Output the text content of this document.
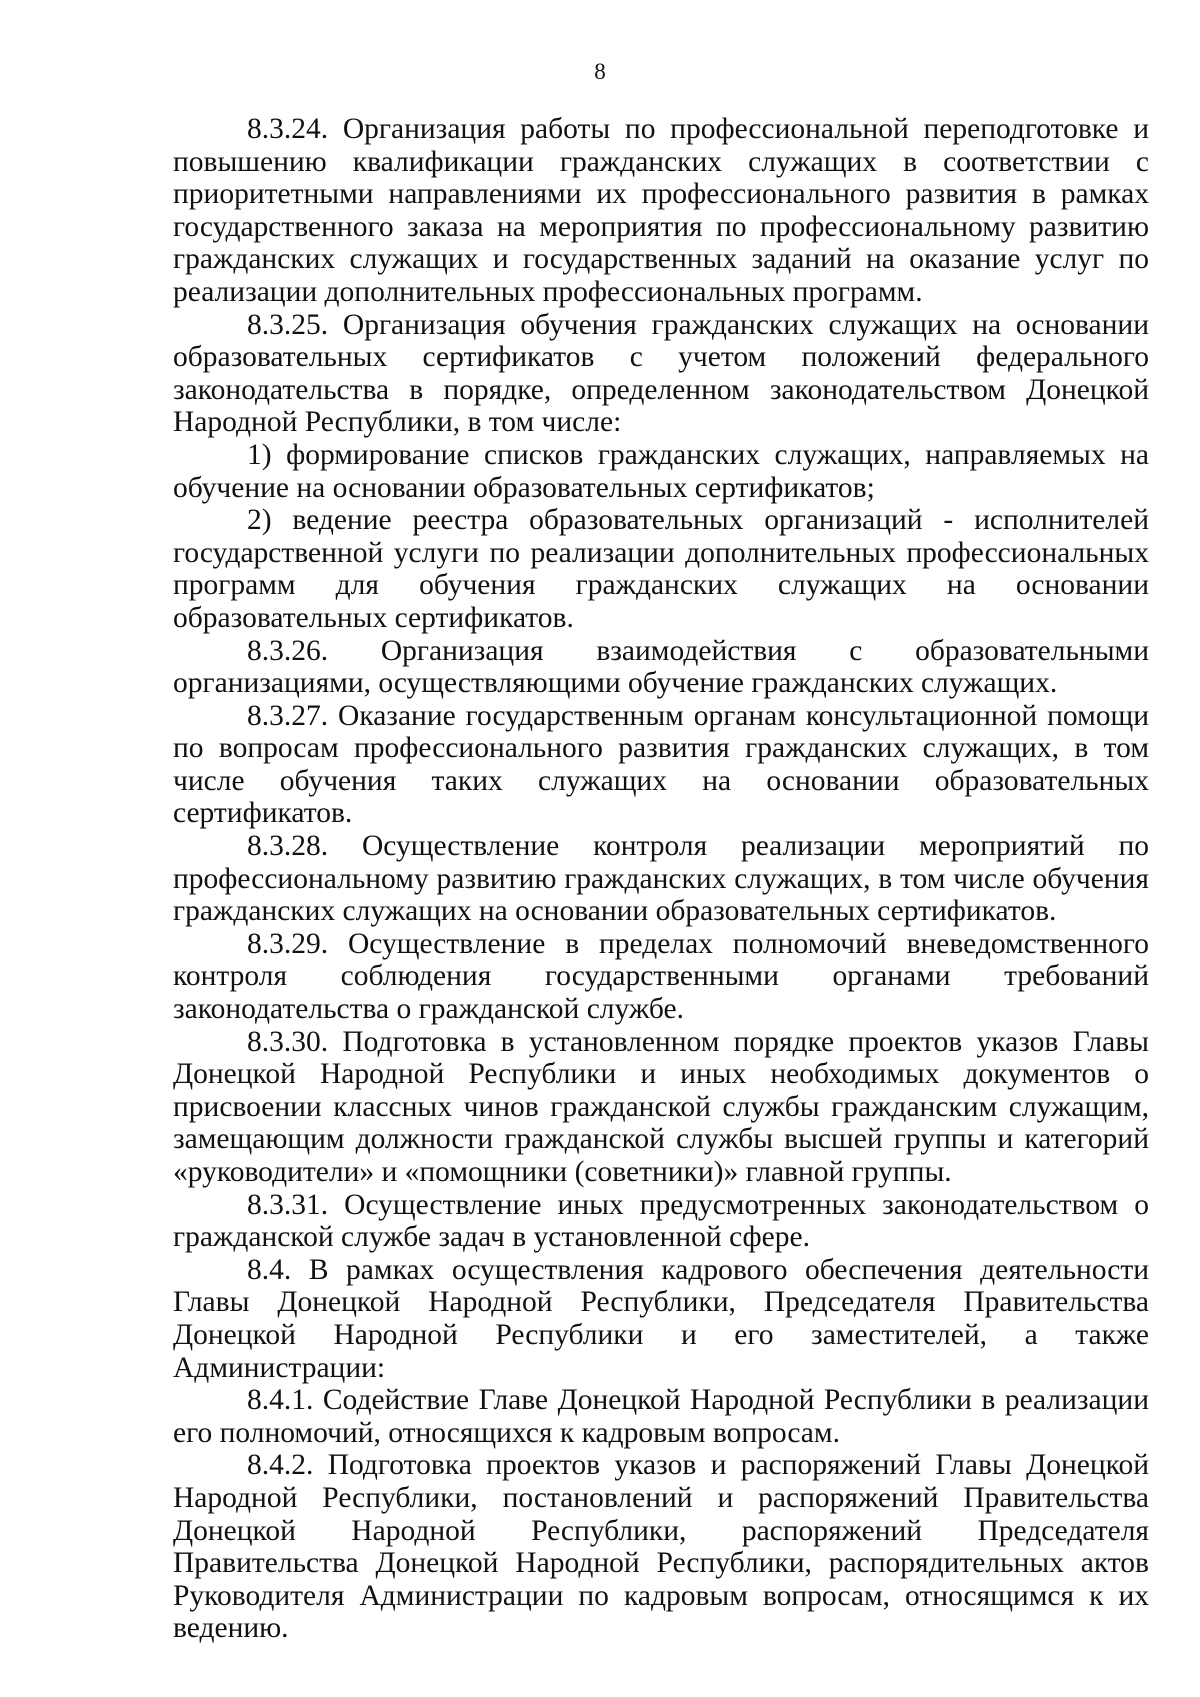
8

8.3.24. Организация работы по профессиональной переподготовке и повышению квалификации гражданских служащих в соответствии с приоритетными направлениями их профессионального развития в рамках государственного заказа на мероприятия по профессиональному развитию гражданских служащих и государственных заданий на оказание услуг по реализации дополнительных профессиональных программ.

8.3.25. Организация обучения гражданских служащих на основании образовательных сертификатов с учетом положений федерального законодательства в порядке, определенном законодательством Донецкой Народной Республики, в том числе:

1) формирование списков гражданских служащих, направляемых на обучение на основании образовательных сертификатов;

2) ведение реестра образовательных организаций - исполнителей государственной услуги по реализации дополнительных профессиональных программ для обучения гражданских служащих на основании образовательных сертификатов.

8.3.26. Организация взаимодействия с образовательными организациями, осуществляющими обучение гражданских служащих.

8.3.27. Оказание государственным органам консультационной помощи по вопросам профессионального развития гражданских служащих, в том числе обучения таких служащих на основании образовательных сертификатов.

8.3.28. Осуществление контроля реализации мероприятий по профессиональному развитию гражданских служащих, в том числе обучения гражданских служащих на основании образовательных сертификатов.

8.3.29. Осуществление в пределах полномочий вневедомственного контроля соблюдения государственными органами требований законодательства о гражданской службе.

8.3.30. Подготовка в установленном порядке проектов указов Главы Донецкой Народной Республики и иных необходимых документов о присвоении классных чинов гражданской службы гражданским служащим, замещающим должности гражданской службы высшей группы и категорий «руководители» и «помощники (советники)» главной группы.

8.3.31. Осуществление иных предусмотренных законодательством о гражданской службе задач в установленной сфере.

8.4. В рамках осуществления кадрового обеспечения деятельности Главы Донецкой Народной Республики, Председателя Правительства Донецкой Народной Республики и его заместителей, а также Администрации:

8.4.1. Содействие Главе Донецкой Народной Республики в реализации его полномочий, относящихся к кадровым вопросам.

8.4.2. Подготовка проектов указов и распоряжений Главы Донецкой Народной Республики, постановлений и распоряжений Правительства Донецкой Народной Республики, распоряжений Председателя Правительства Донецкой Народной Республики, распорядительных актов Руководителя Администрации по кадровым вопросам, относящимся к их ведению.
